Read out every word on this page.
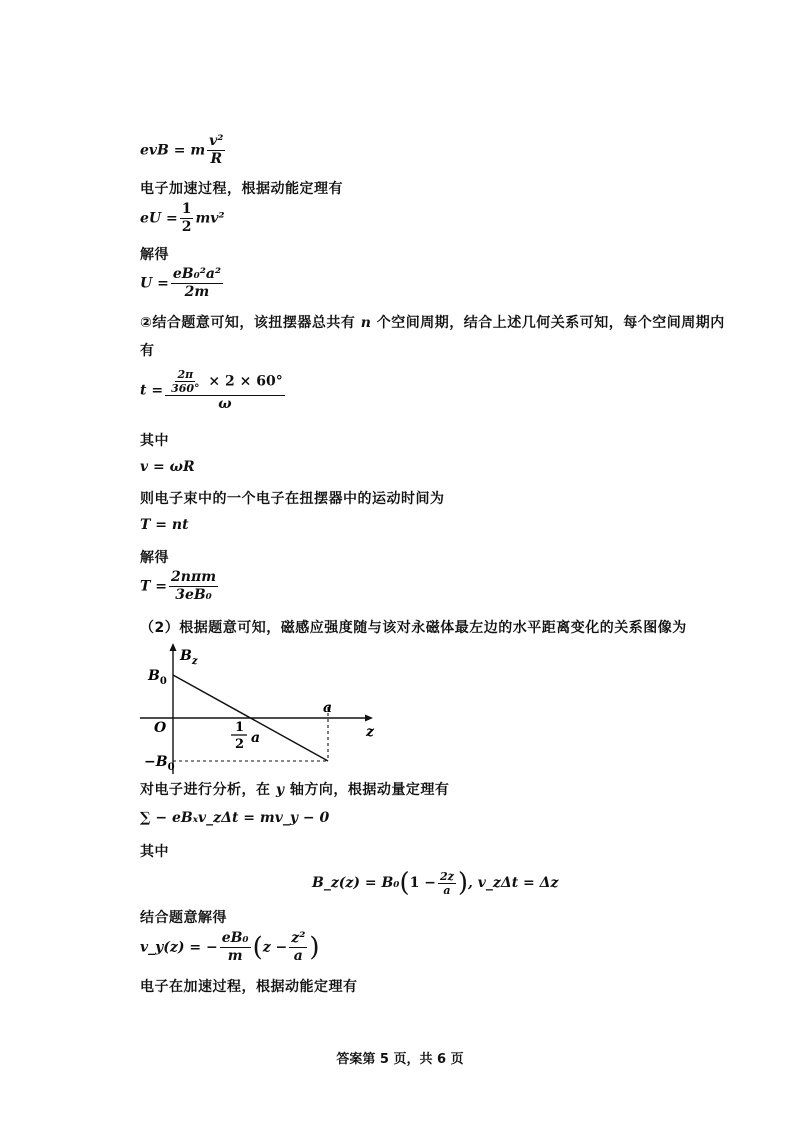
evB = m $\frac{\text{v²}}{R}$
电子加速过程，根据动能定理有
eU = $\frac{1}{2} mv^2$
解得
$U = \frac{\text{eB₀²a²}}{2m}$
②结合题意可知，该扭摆器总共有 n 个空间周期，结合上述几何关系可知，每个空间周期内
有
$t = \frac{\frac{2\pi}{360^\circ} \times 2 \times 60^\circ}{\omega}$
其中
v = ωR
则电子束中的一个电子在扭摆器中的运动时间为
T = nt
解得
$T = \frac{\text{2nπm}}{\text{3eB₀}}$
（2）根据题意可知，磁感应强度随与该对永磁体最左边的水平距离变化的关系图像为
$B_z$
$B_0$
O
$-B_0$
a
z
1
2 a
对电子进行分析，在 y 轴方向，根据动量定理有
∑ − eBₓv_zΔt = mv_y − 0
其中
B_z(z) = $B_0(1 - \frac{2z}{a}$ ), v_zΔt = Δz
结合题意解得
v_y(z) = − $\frac{\text{eB₀}}{m} (z - \frac{\text{z²}}{a}$ )
电子在加速过程，根据动能定理有
答案第 5 页，共 6 页
